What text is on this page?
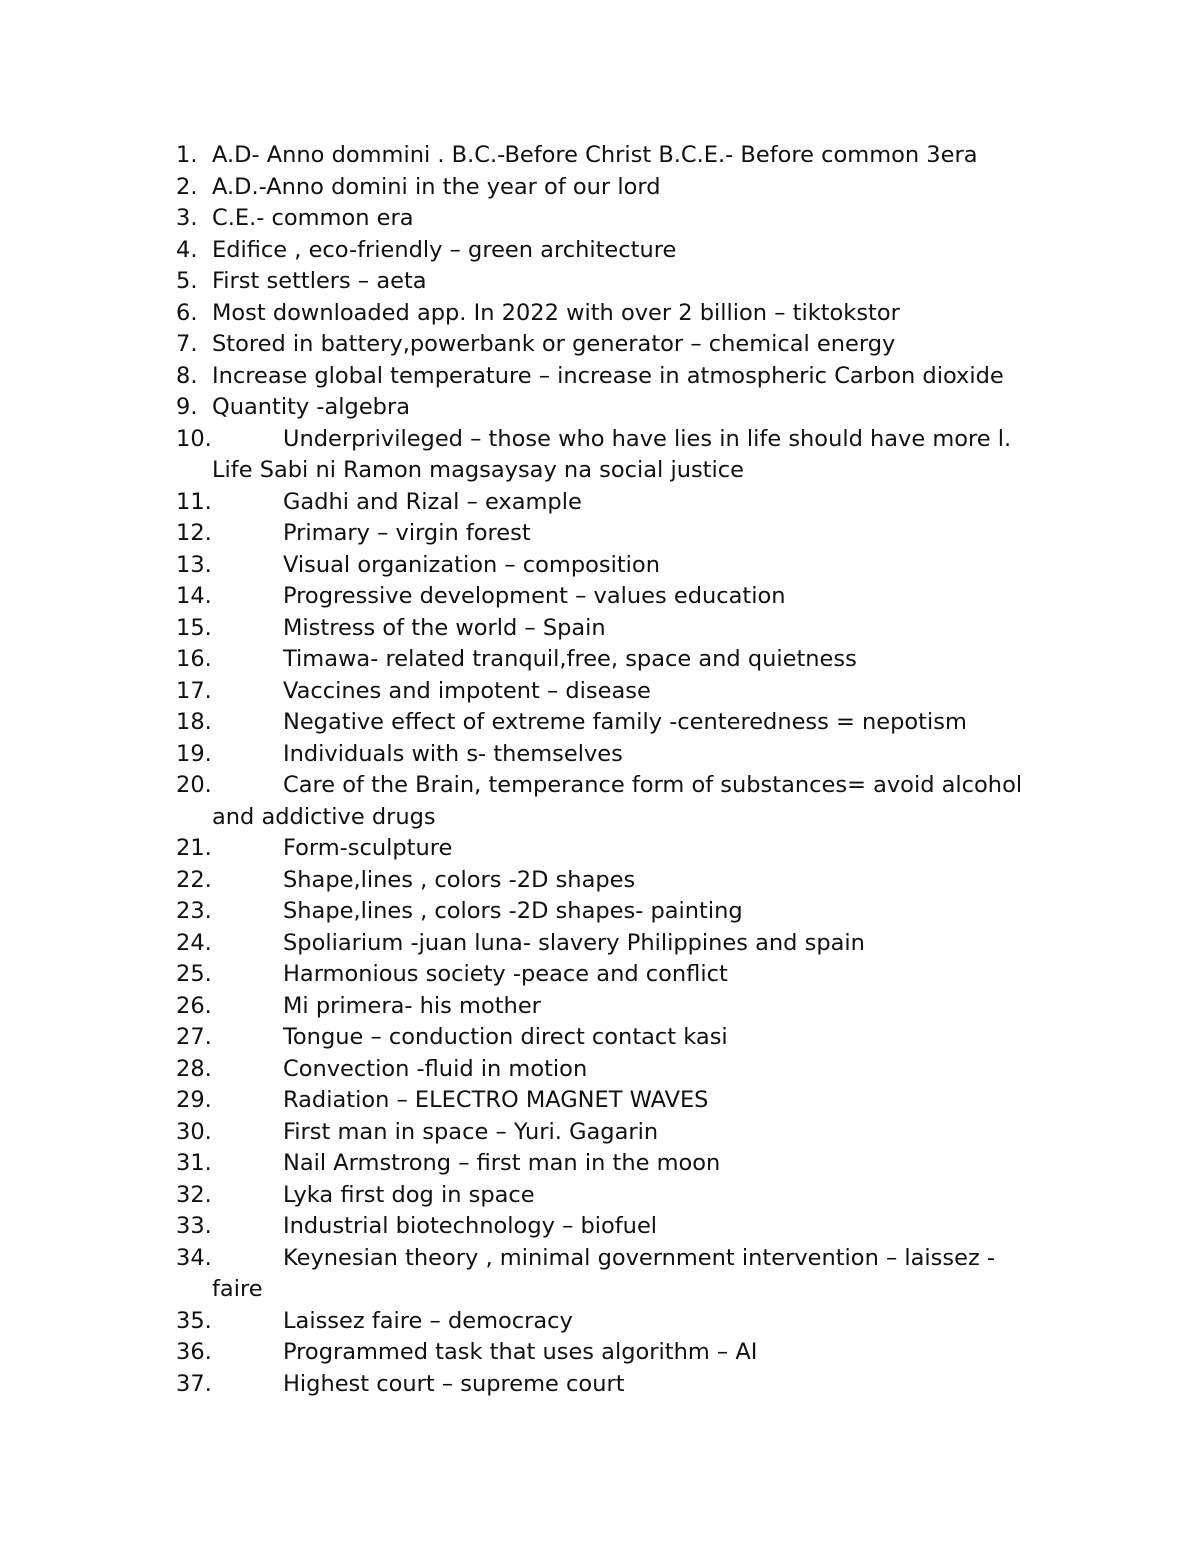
1. A.D- Anno dommini . B.C.-Before Christ B.C.E.- Before common 3era
2. A.D.-Anno domini in the year of our lord
3. C.E.- common era
4. Edifice , eco-friendly – green architecture
5. First settlers – aeta
6. Most downloaded app. In 2022 with over 2 billion – tiktokstor
7. Stored in battery,powerbank or generator – chemical energy
8. Increase global temperature – increase in atmospheric Carbon dioxide
9. Quantity -algebra
10.	Underprivileged – those who have lies in life should have more l.
Life Sabi ni Ramon magsaysay na social justice
11.	Gadhi and Rizal – example
12.	Primary – virgin forest
13.	Visual organization – composition
14.	Progressive development – values education
15.	Mistress of the world – Spain
16.	Timawa- related tranquil,free, space and quietness
17.	Vaccines and impotent – disease
18.	Negative effect of extreme family -centeredness = nepotism
19.	Individuals with s- themselves
20.	Care of the Brain, temperance form of substances= avoid alcohol
and addictive drugs
21.	Form-sculpture
22.	Shape,lines , colors -2D shapes
23.	Shape,lines , colors -2D shapes- painting
24.	Spoliarium -juan luna- slavery Philippines and spain
25.	Harmonious society -peace and conflict
26.	Mi primera- his mother
27.	Tongue – conduction direct contact kasi
28.	Convection -fluid in motion
29.	Radiation – ELECTRO MAGNET WAVES
30.	First man in space – Yuri. Gagarin
31.	Nail Armstrong – first man in the moon
32.	Lyka first dog in space
33.	Industrial biotechnology – biofuel
34.	Keynesian theory , minimal government intervention – laissez -
faire
35.	Laissez faire – democracy
36.	Programmed task that uses algorithm – AI
37.	Highest court – supreme court
